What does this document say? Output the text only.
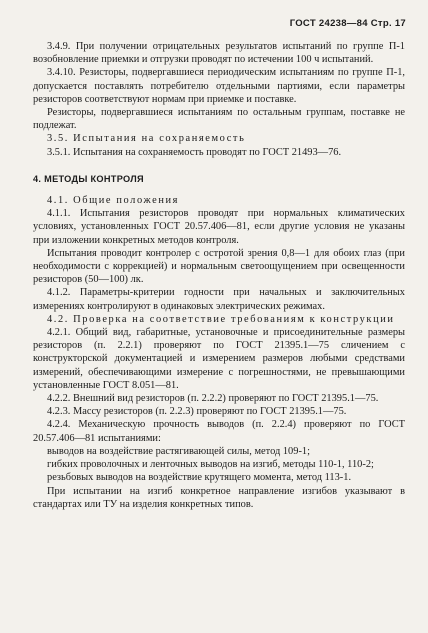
ГОСТ 24238—84 Стр. 17

3.4.9. При получении отрицательных результатов испытаний по группе П-1 возобновление приемки и отгрузки проводят по истечении 100 ч испытаний.

3.4.10. Резисторы, подвергавшиеся периодическим испытаниям по группе П-1, допускается поставлять потребителю отдельными партиями, если параметры резисторов соответствуют нормам при приемке и поставке.

Резисторы, подвергавшиеся испытаниям по остальным группам, поставке не подлежат.

3.5. Испытания на сохраняемость

3.5.1. Испытания на сохраняемость проводят по ГОСТ 21493—76.

4. МЕТОДЫ КОНТРОЛЯ

4.1. Общие положения

4.1.1. Испытания резисторов проводят при нормальных климатических условиях, установленных ГОСТ 20.57.406—81, если другие условия не указаны при изложении конкретных методов контроля.

Испытания проводит контролер с остротой зрения 0,8—1 для обоих глаз (при необходимости с коррекцией) и нормальным светоощущением при освещенности резисторов (50—100) лк.

4.1.2. Параметры-критерии годности при начальных и заключительных измерениях контролируют в одинаковых электрических режимах.

4.2. Проверка на соответствие требованиям к конструкции

4.2.1. Общий вид, габаритные, установочные и присоединительные размеры резисторов (п. 2.2.1) проверяют по ГОСТ 21395.1—75 сличением с конструкторской документацией и измерением размеров любыми средствами измерений, обеспечивающими измерение с погрешностями, не превышающими установленные ГОСТ 8.051—81.

4.2.2. Внешний вид резисторов (п. 2.2.2) проверяют по ГОСТ 21395.1—75.

4.2.3. Массу резисторов (п. 2.2.3) проверяют по ГОСТ 21395.1—75.

4.2.4. Механическую прочность выводов (п. 2.2.4) проверяют по ГОСТ 20.57.406—81 испытаниями:

выводов на воздействие растягивающей силы, метод 109-1;

гибких проволочных и ленточных выводов на изгиб, методы 110-1, 110-2;

резьбовых выводов на воздействие крутящего момента, метод 113-1.

При испытании на изгиб конкретное направление изгибов указывают в стандартах или ТУ на изделия конкретных типов.
